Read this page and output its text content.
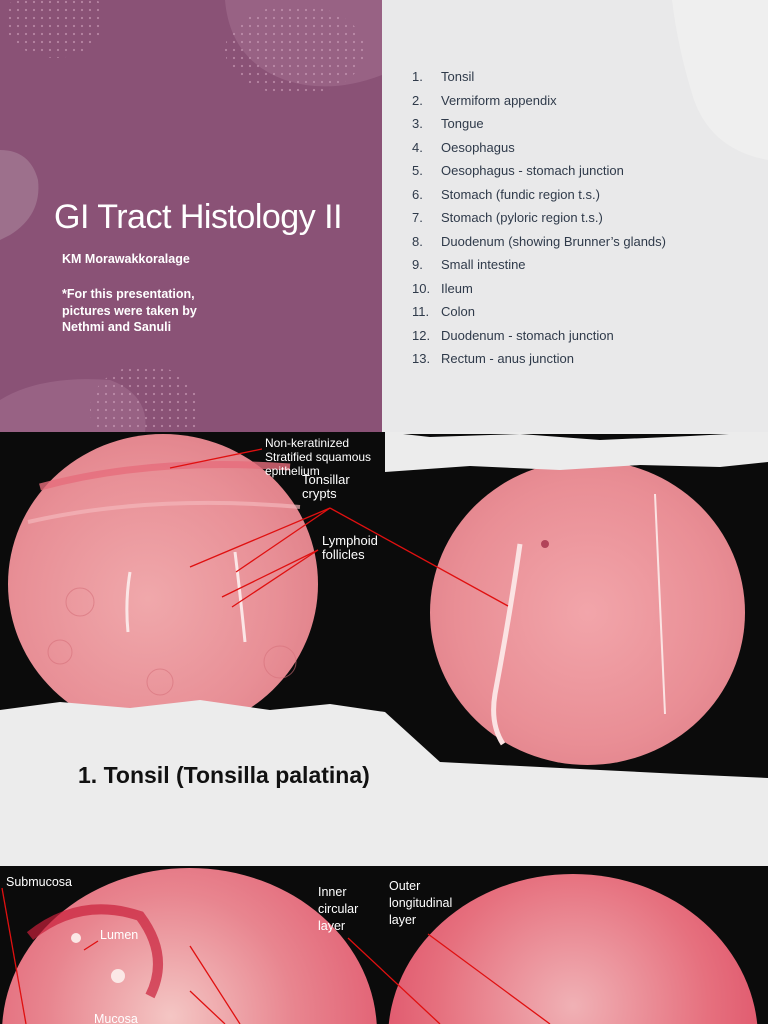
GI Tract Histology II
KM Morawakkoralage
*For this presentation, pictures were taken by Nethmi and Sanuli
1.	Tonsil
2.	Vermiform appendix
3.	Tongue
4.	Oesophagus
5.	Oesophagus - stomach junction
6.	Stomach (fundic region t.s.)
7.	Stomach (pyloric region t.s.)
8.	Duodenum (showing Brunner’s glands)
9.	Small intestine
10. Ileum
11. Colon
12. Duodenum - stomach junction
13. Rectum - anus junction
Non-keratinized Stratified squamous epithelium
Tonsillar crypts
Lymphoid follicles
1. Tonsil (Tonsilla palatina)
Submucosa
Lumen
Mucosa
Inner circular layer
Outer longitudinal layer
